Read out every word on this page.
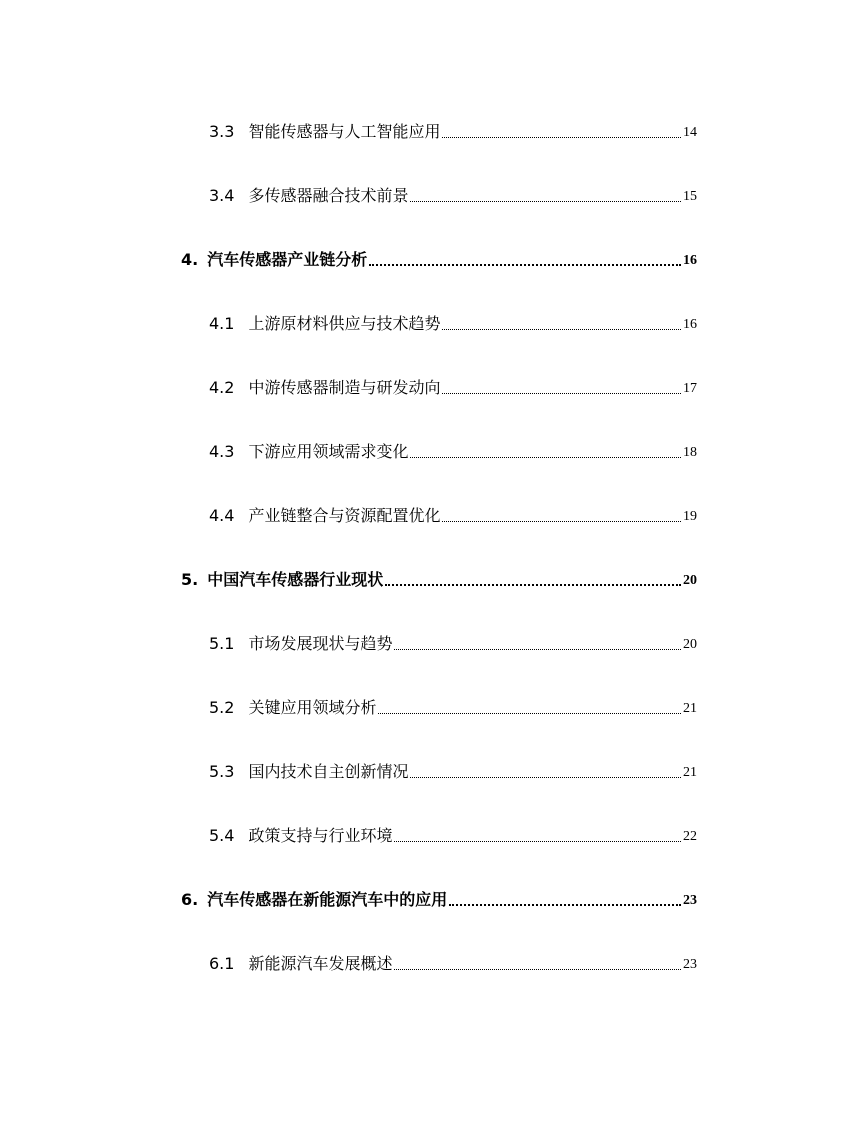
3.3 智能传感器与人工智能应用	14
3.4 多传感器融合技术前景	15
4. 汽车传感器产业链分析	16
4.1 上游原材料供应与技术趋势	16
4.2 中游传感器制造与研发动向	17
4.3 下游应用领域需求变化	18
4.4 产业链整合与资源配置优化	19
5. 中国汽车传感器行业现状	20
5.1 市场发展现状与趋势	20
5.2 关键应用领域分析	21
5.3 国内技术自主创新情况	21
5.4 政策支持与行业环境	22
6. 汽车传感器在新能源汽车中的应用	23
6.1 新能源汽车发展概述	23
